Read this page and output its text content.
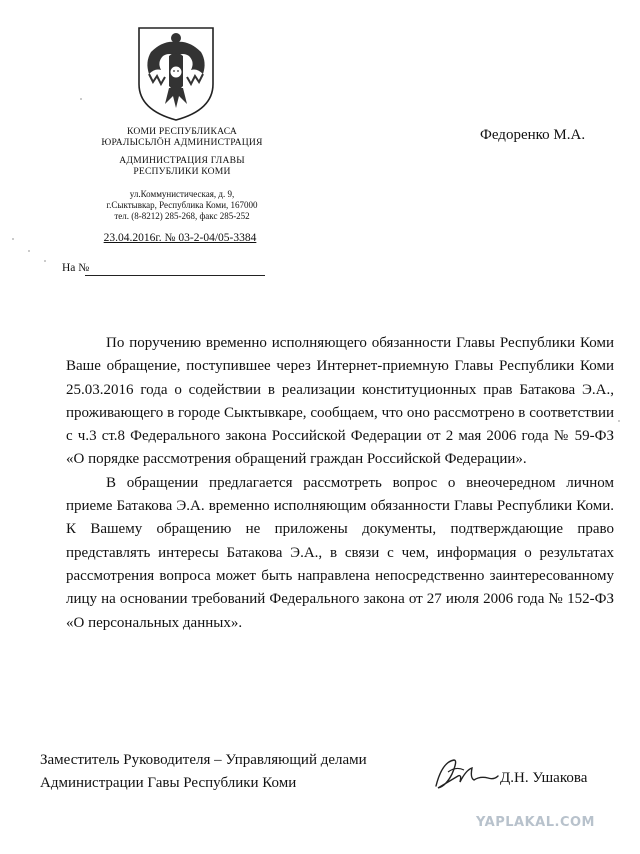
КОМИ РЕСПУБЛИКАСА
ЮРАЛЫСЬЛÖН АДМИНИСТРАЦИЯ
АДМИНИСТРАЦИЯ ГЛАВЫ
РЕСПУБЛИКИ КОМИ
ул.Коммунистическая, д. 9,
г.Сыктывкар, Республика Коми, 167000
тел. (8-8212) 285-268, факс 285-252
23.04.2016г. № 03-2-04/05-3384
На №
Федоренко М.А.

По поручению временно исполняющего обязанности Главы Республики Коми Ваше обращение, поступившее через Интернет-приемную Главы Республики Коми 25.03.2016 года о содействии в реализации конституционных прав Батакова Э.А., проживающего в городе Сыктывкаре, сообщаем, что оно рассмотрено в соответствии с ч.3 ст.8 Федерального закона Российской Федерации от 2 мая 2006 года № 59-ФЗ «О порядке рассмотрения обращений граждан Российской Федерации».

В обращении предлагается рассмотреть вопрос о внеочередном личном приеме Батакова Э.А. временно исполняющим обязанности Главы Республики Коми. К Вашему обращению не приложены документы, подтверждающие право представлять интересы Батакова Э.А., в связи с чем, информация о результатах рассмотрения вопроса может быть направлена непосредственно заинтересованному лицу на основании требований Федерального закона от 27 июля 2006 года № 152-ФЗ «О персональных данных».

Заместитель Руководителя – Управляющий делами
Администрации Гавы Республики Коми	Д.Н. Ушакова
YAPLAKAL.COM
